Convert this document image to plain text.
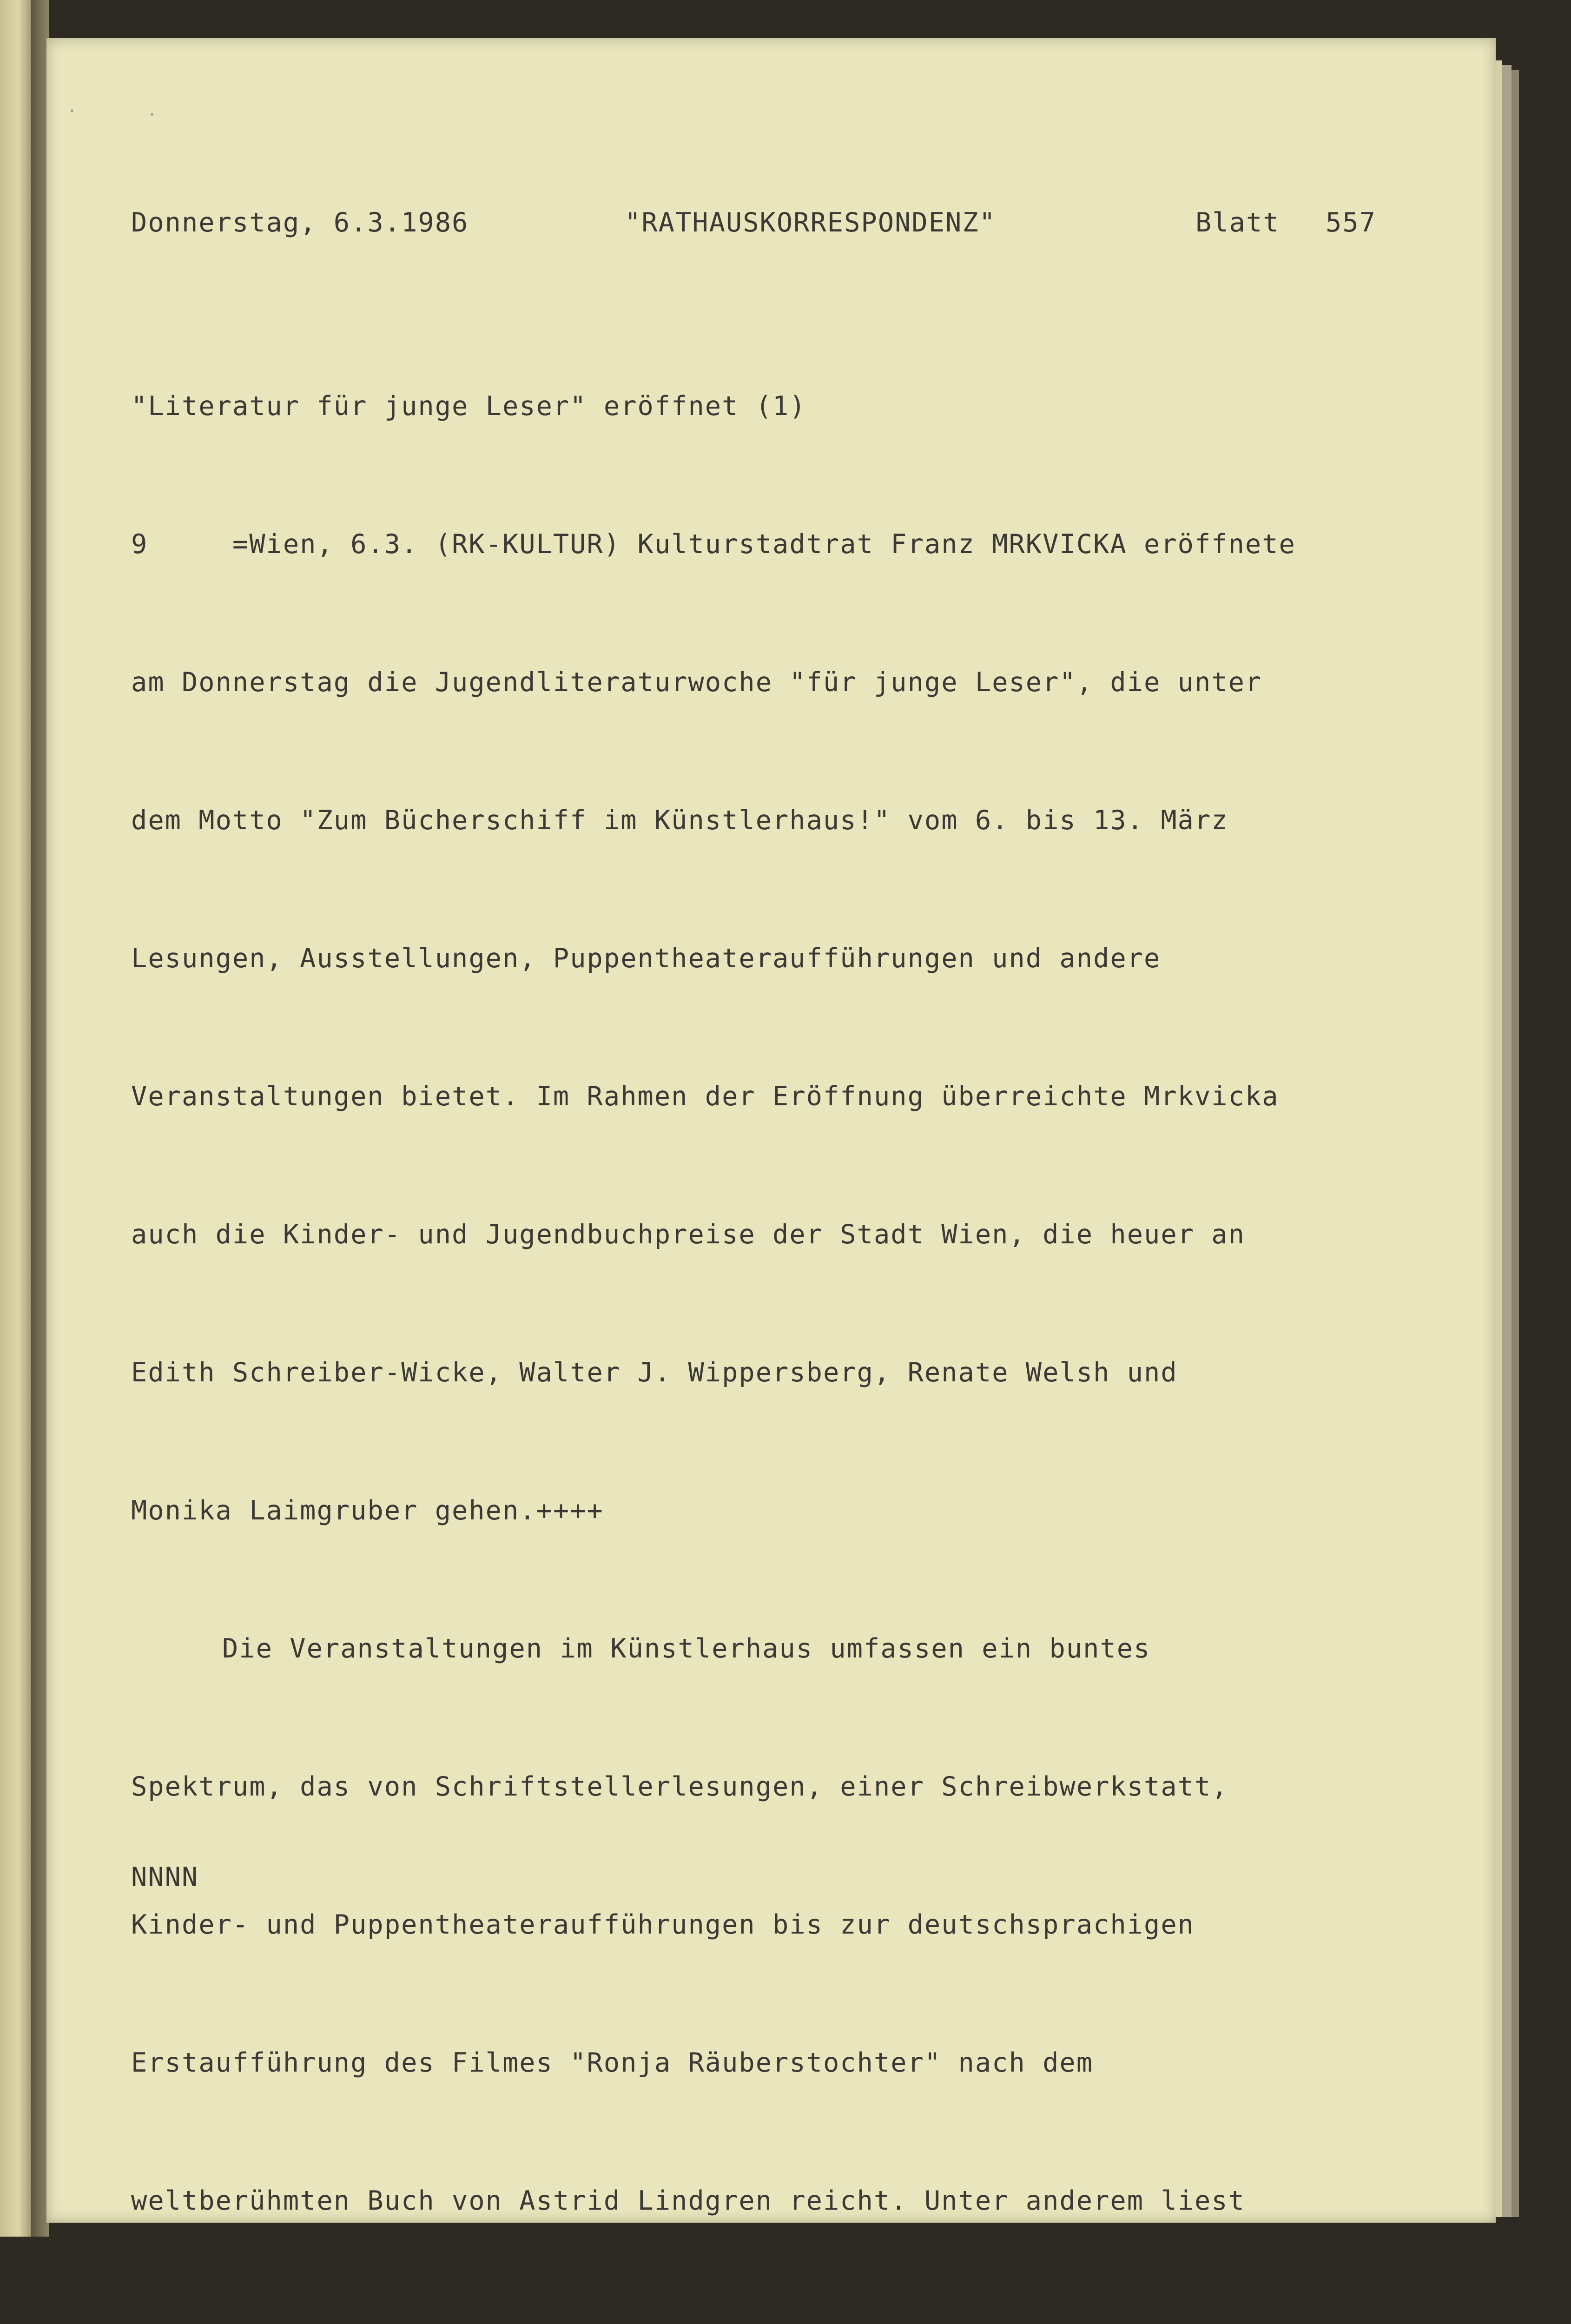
·	·
Donnerstag, 6.3.1986	"RATHAUSKORRESPONDENZ"	Blatt 557

"Literatur für junge Leser" eröffnet (1)

9     =Wien, 6.3. (RK-KULTUR) Kulturstadtrat Franz MRKVICKA eröffnete

am Donnerstag die Jugendliteraturwoche "für junge Leser", die unter

dem Motto "Zum Bücherschiff im Künstlerhaus!" vom 6. bis 13. März

Lesungen, Ausstellungen, Puppentheateraufführungen und andere

Veranstaltungen bietet. Im Rahmen der Eröffnung überreichte Mrkvicka

auch die Kinder- und Jugendbuchpreise der Stadt Wien, die heuer an

Edith Schreiber-Wicke, Walter J. Wippersberg, Renate Welsh und

Monika Laimgruber gehen.++++

Die Veranstaltungen im Künstlerhaus umfassen ein buntes

Spektrum, das von Schriftstellerlesungen, einer Schreibwerkstatt,

Kinder- und Puppentheateraufführungen bis zur deutschsprachigen

Erstaufführung des Filmes "Ronja Räuberstochter" nach dem

weltberühmten Buch von Astrid Lindgren reicht. Unter anderem liest

NNNN
